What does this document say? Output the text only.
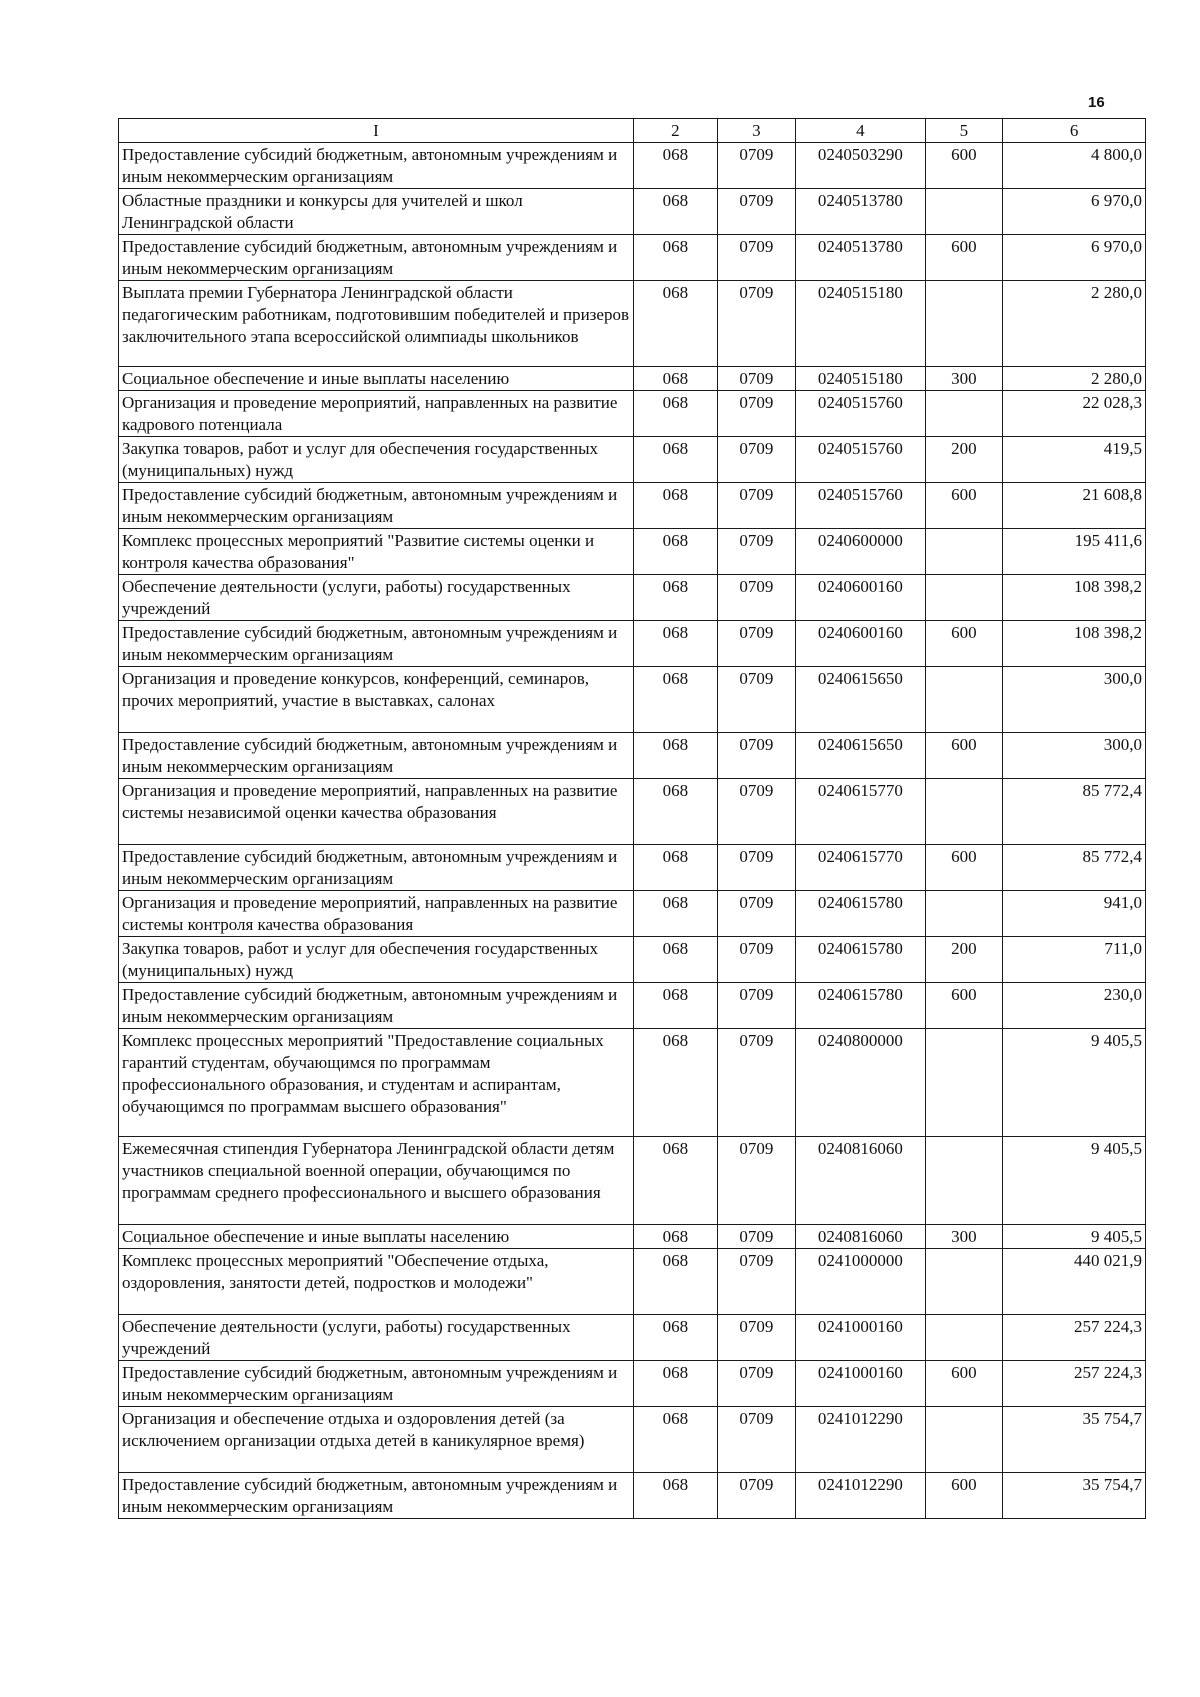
16
I	2	3	4	5	6
Предоставление субсидий бюджетным, автономным учреждениям и иным некоммерческим организациям	068	0709	0240503290	600	4 800,0
Областные праздники и конкурсы для учителей и школ Ленинградской области	068	0709	0240513780		6 970,0
Предоставление субсидий бюджетным, автономным учреждениям и иным некоммерческим организациям	068	0709	0240513780	600	6 970,0
Выплата премии Губернатора Ленинградской области педагогическим работникам, подготовившим победителей и призеров заключительного этапа всероссийской олимпиады школьников	068	0709	0240515180		2 280,0
Социальное обеспечение и иные выплаты населению	068	0709	0240515180	300	2 280,0
Организация и проведение мероприятий, направленных на развитие кадрового потенциала	068	0709	0240515760		22 028,3
Закупка товаров, работ и услуг для обеспечения государственных (муниципальных) нужд	068	0709	0240515760	200	419,5
Предоставление субсидий бюджетным, автономным учреждениям и иным некоммерческим организациям	068	0709	0240515760	600	21 608,8
Комплекс процессных мероприятий "Развитие системы оценки и контроля качества образования"	068	0709	0240600000		195 411,6
Обеспечение деятельности (услуги, работы) государственных учреждений	068	0709	0240600160		108 398,2
Предоставление субсидий бюджетным, автономным учреждениям и иным некоммерческим организациям	068	0709	0240600160	600	108 398,2
Организация и проведение конкурсов, конференций, семинаров, прочих мероприятий, участие в выставках, салонах	068	0709	0240615650		300,0
Предоставление субсидий бюджетным, автономным учреждениям и иным некоммерческим организациям	068	0709	0240615650	600	300,0
Организация и проведение мероприятий, направленных на развитие системы независимой оценки качества образования	068	0709	0240615770		85 772,4
Предоставление субсидий бюджетным, автономным учреждениям и иным некоммерческим организациям	068	0709	0240615770	600	85 772,4
Организация и проведение мероприятий, направленных на развитие системы контроля качества образования	068	0709	0240615780		941,0
Закупка товаров, работ и услуг для обеспечения государственных (муниципальных) нужд	068	0709	0240615780	200	711,0
Предоставление субсидий бюджетным, автономным учреждениям и иным некоммерческим организациям	068	0709	0240615780	600	230,0
Комплекс процессных мероприятий "Предоставление социальных гарантий студентам, обучающимся по программам профессионального образования, и студентам и аспирантам, обучающимся по программам высшего образования"	068	0709	0240800000		9 405,5
Ежемесячная стипендия Губернатора Ленинградской области детям участников специальной военной операции, обучающимся по программам среднего профессионального и высшего образования	068	0709	0240816060		9 405,5
Социальное обеспечение и иные выплаты населению	068	0709	0240816060	300	9 405,5
Комплекс процессных мероприятий "Обеспечение отдыха, оздоровления, занятости детей, подростков и молодежи"	068	0709	0241000000		440 021,9
Обеспечение деятельности (услуги, работы) государственных учреждений	068	0709	0241000160		257 224,3
Предоставление субсидий бюджетным, автономным учреждениям и иным некоммерческим организациям	068	0709	0241000160	600	257 224,3
Организация и обеспечение отдыха и оздоровления детей (за исключением организации отдыха детей в каникулярное время)	068	0709	0241012290		35 754,7
Предоставление субсидий бюджетным, автономным учреждениям и иным некоммерческим организациям	068	0709	0241012290	600	35 754,7
